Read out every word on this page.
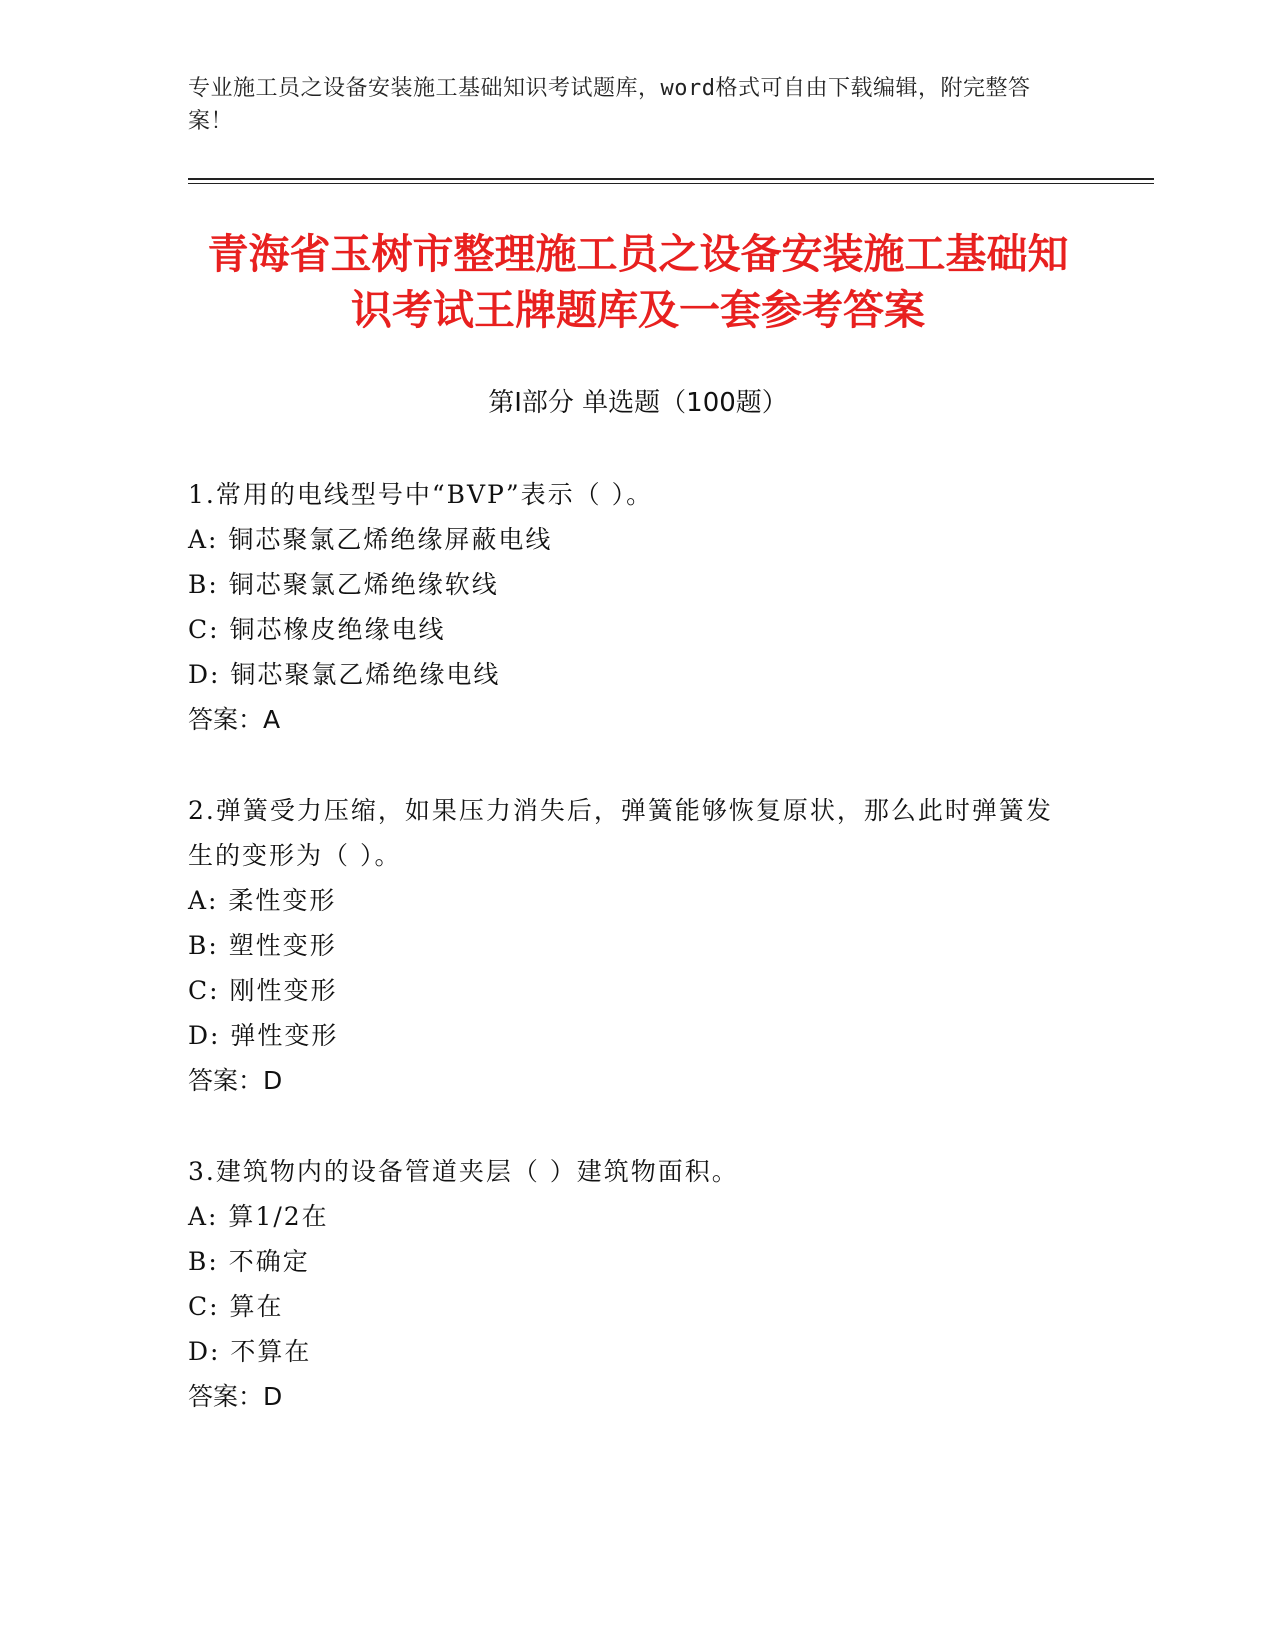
专业施工员之设备安装施工基础知识考试题库，word格式可自由下载编辑，附完整答案！
青海省玉树市整理施工员之设备安装施工基础知识考试王牌题库及一套参考答案
第Ⅰ部分 单选题（100题）
1.常用的电线型号中“BVP”表示（ ）。
A: 铜芯聚氯乙烯绝缘屏蔽电线
B: 铜芯聚氯乙烯绝缘软线
C: 铜芯橡皮绝缘电线
D: 铜芯聚氯乙烯绝缘电线
答案：A
2.弹簧受力压缩，如果压力消失后，弹簧能够恢复原状，那么此时弹簧发生的变形为（ ）。
A: 柔性变形
B: 塑性变形
C: 刚性变形
D: 弹性变形
答案：D
3.建筑物内的设备管道夹层（ ）建筑物面积。
A: 算1/2在
B: 不确定
C: 算在
D: 不算在
答案：D
